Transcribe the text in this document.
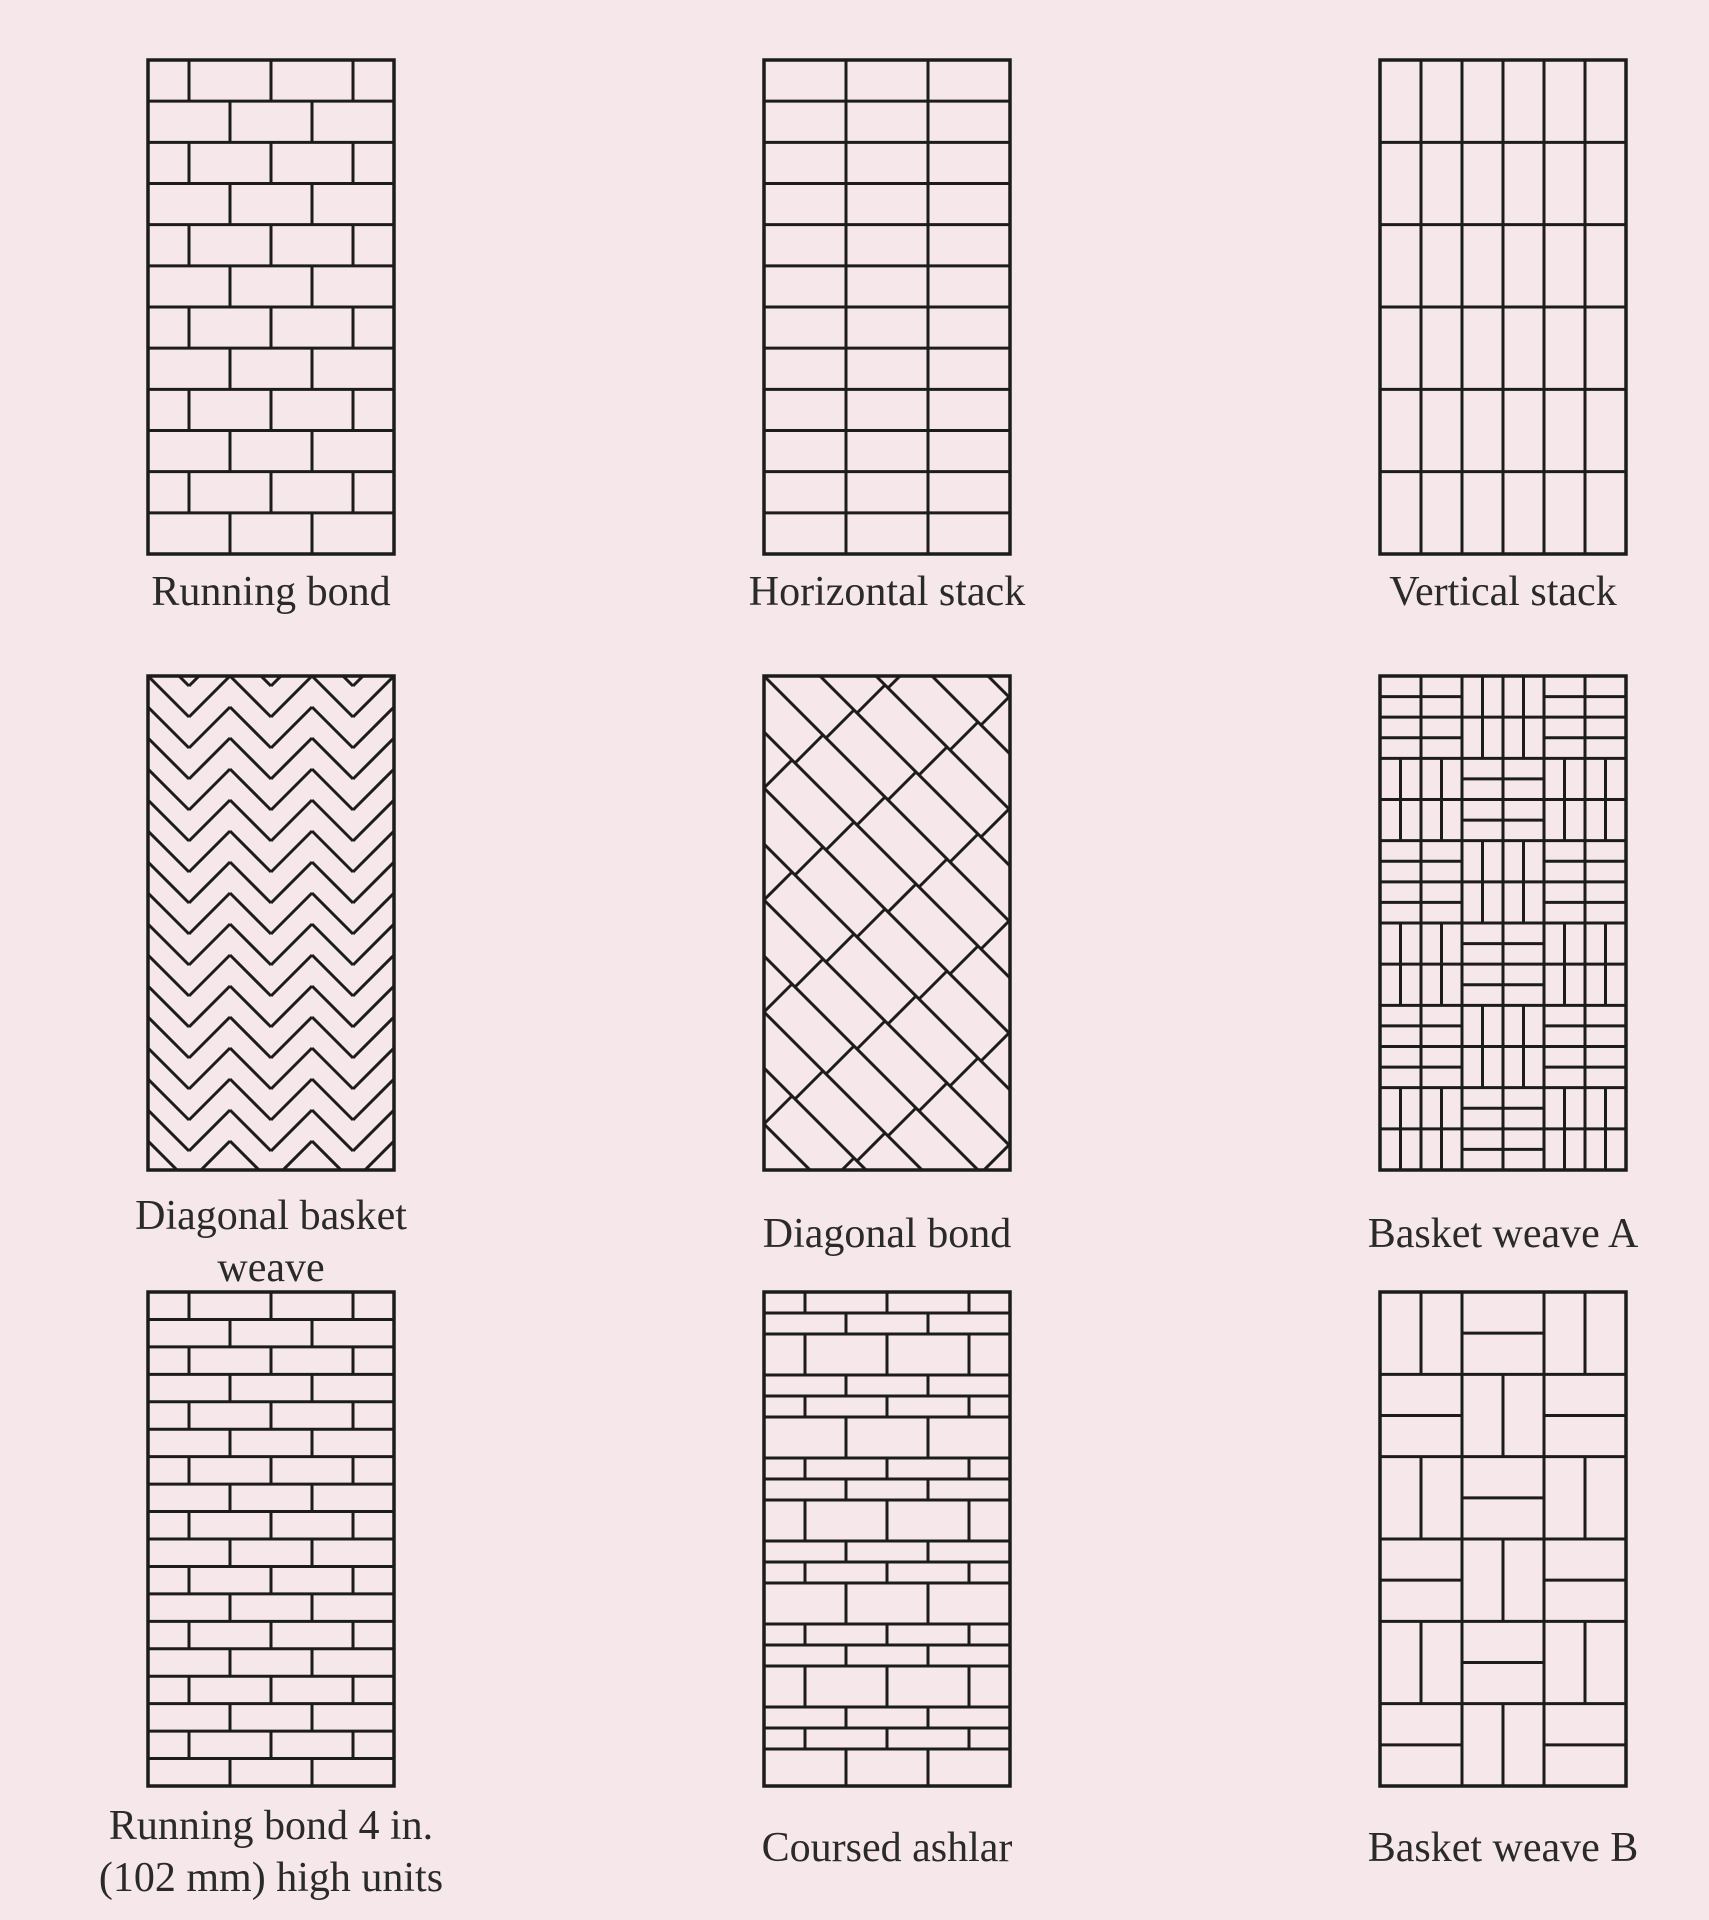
Running bond	Horizontal stack	Vertical stack
Diagonal basket
weave
Diagonal bond	Basket weave A
Running bond 4 in.
(102 mm) high units
Coursed ashlar	Basket weave B
